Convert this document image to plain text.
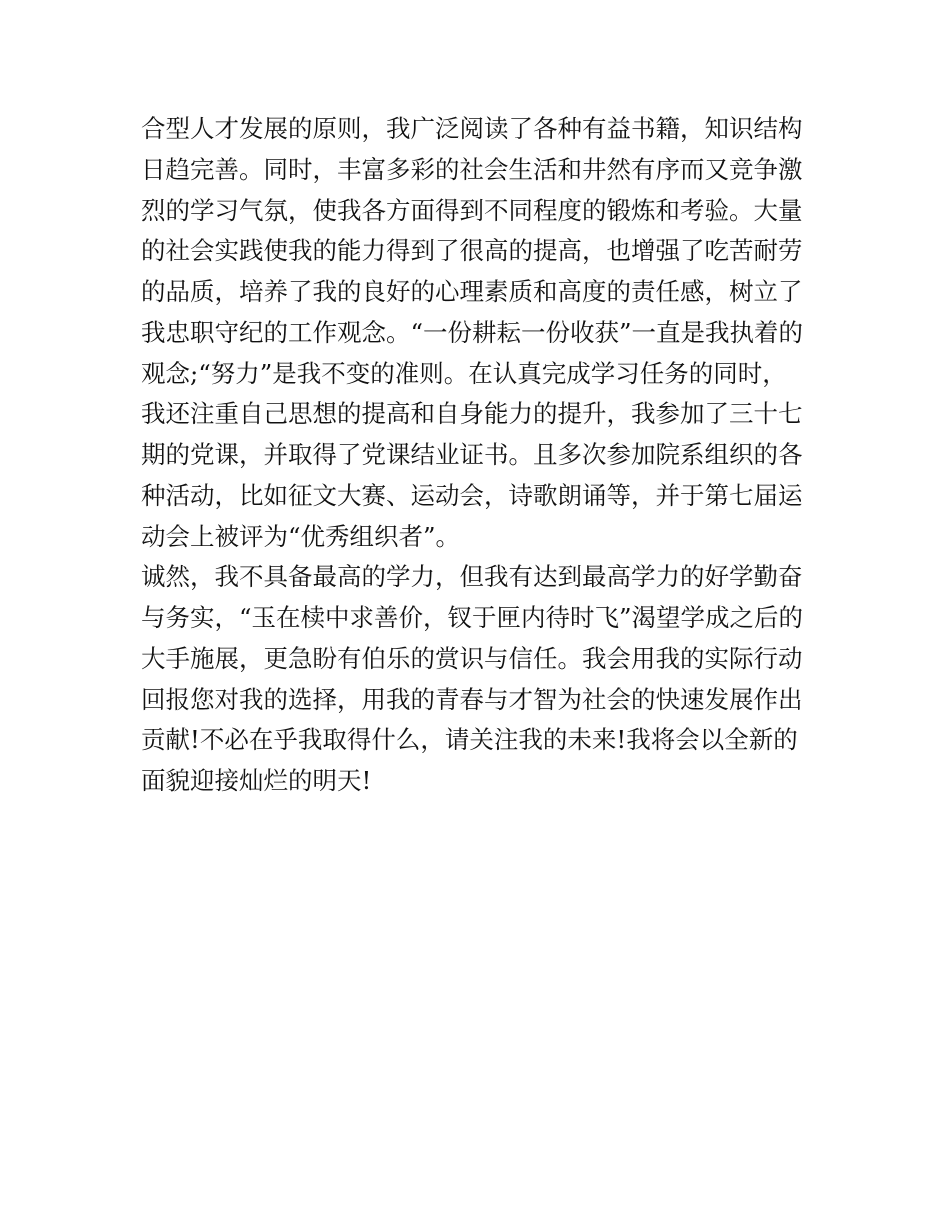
合型人才发展的原则，我广泛阅读了各种有益书籍，知识结构
日趋完善。同时，丰富多彩的社会生活和井然有序而又竞争激
烈的学习气氛，使我各方面得到不同程度的锻炼和考验。大量
的社会实践使我的能力得到了很高的提高，也增强了吃苦耐劳
的品质，培养了我的良好的心理素质和高度的责任感，树立了
我忠职守纪的工作观念。“一份耕耘一份收获”一直是我执着的
观念;“努力”是我不变的准则。在认真完成学习任务的同时，
我还注重自己思想的提高和自身能力的提升，我参加了三十七
期的党课，并取得了党课结业证书。且多次参加院系组织的各
种活动，比如征文大赛、运动会，诗歌朗诵等，并于第七届运
动会上被评为“优秀组织者”。
诚然，我不具备最高的学力，但我有达到最高学力的好学勤奋
与务实，“玉在椟中求善价，钗于匣内待时飞”渴望学成之后的
大手施展，更急盼有伯乐的赏识与信任。我会用我的实际行动
回报您对我的选择，用我的青春与才智为社会的快速发展作出
贡献!不必在乎我取得什么，请关注我的未来!我将会以全新的
面貌迎接灿烂的明天!
